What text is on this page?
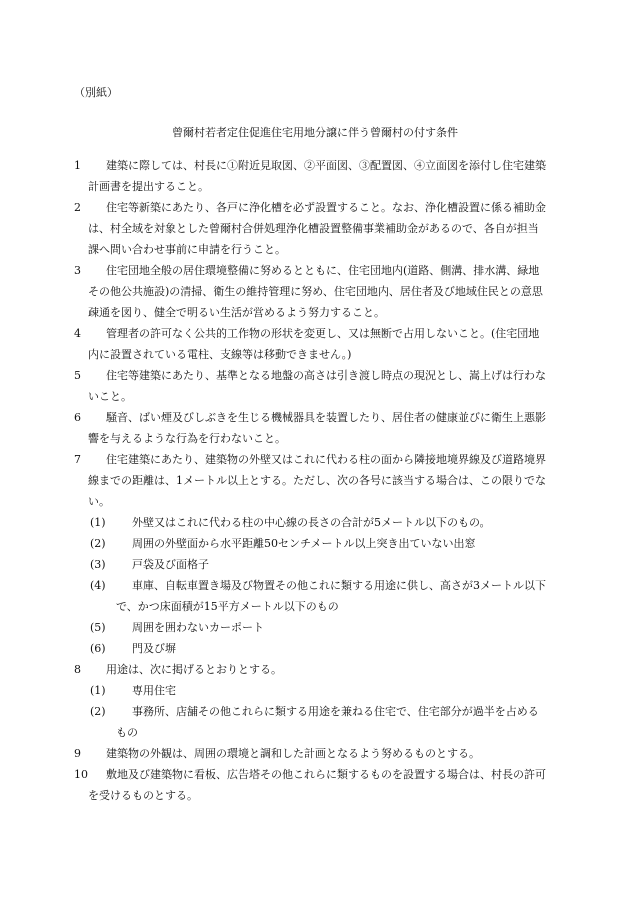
（別紙）
曾爾村若者定住促進住宅用地分譲に伴う曾爾村の付す条件
1 建築に際しては、村長に①附近見取図、②平面図、③配置図、④立面図を添付し住宅建築計画書を提出すること。
2 住宅等新築にあたり、各戸に浄化槽を必ず設置すること。なお、浄化槽設置に係る補助金は、村全域を対象とした曾爾村合併処理浄化槽設置整備事業補助金があるので、各自が担当課へ問い合わせ事前に申請を行うこと。
3 住宅団地全般の居住環境整備に努めるとともに、住宅団地内(道路、側溝、排水溝、緑地その他公共施設)の清掃、衛生の維持管理に努め、住宅団地内、居住者及び地域住民との意思疎通を図り、健全で明るい生活が営めるよう努力すること。
4 管理者の許可なく公共的工作物の形状を変更し、又は無断で占用しないこと。(住宅団地内に設置されている電柱、支線等は移動できません。)
5 住宅等建築にあたり、基準となる地盤の高さは引き渡し時点の現況とし、嵩上げは行わないこと。
6 騒音、ばい煙及びしぶきを生じる機械器具を装置したり、居住者の健康並びに衛生上悪影響を与えるような行為を行わないこと。
7 住宅建築にあたり、建築物の外壁又はこれに代わる柱の面から隣接地境界線及び道路境界線までの距離は、1メートル以上とする。ただし、次の各号に該当する場合は、この限りでない。
(1) 外壁又はこれに代わる柱の中心線の長さの合計が5メートル以下のもの。
(2) 周囲の外壁面から水平距離50センチメートル以上突き出ていない出窓
(3) 戸袋及び面格子
(4) 車庫、自転車置き場及び物置その他これに類する用途に供し、高さが3メートル以下で、かつ床面積が15平方メートル以下のもの
(5) 周囲を囲わないカーポート
(6) 門及び塀
8 用途は、次に掲げるとおりとする。
(1) 専用住宅
(2) 事務所、店舗その他これらに類する用途を兼ねる住宅で、住宅部分が過半を占めるもの
9 建築物の外観は、周囲の環境と調和した計画となるよう努めるものとする。
10 敷地及び建築物に看板、広告塔その他これらに類するものを設置する場合は、村長の許可を受けるものとする。
